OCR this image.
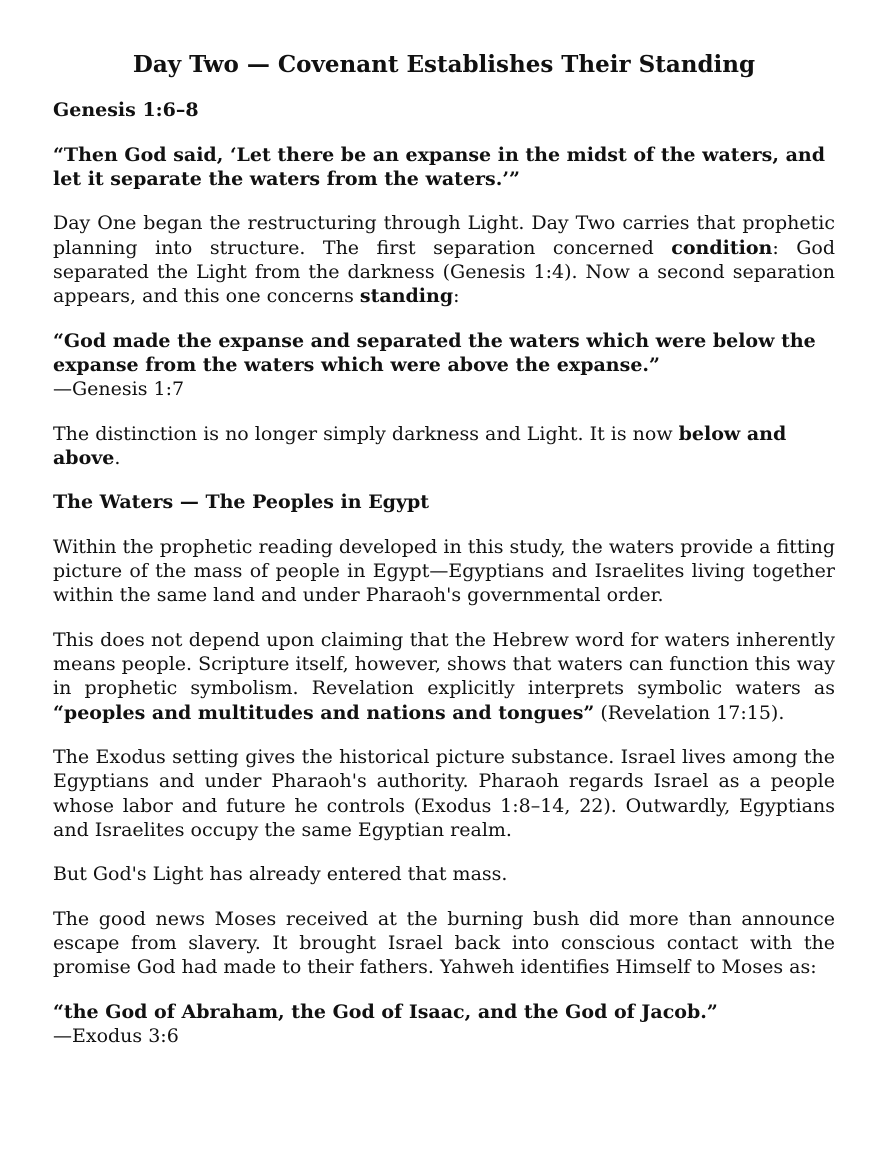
Day Two — Covenant Establishes Their Standing

Genesis 1:6–8

“Then God said, ‘Let there be an expanse in the midst of the waters, and let it separate the waters from the waters.’”

Day One began the restructuring through Light. Day Two carries that prophetic planning into structure. The first separation concerned condition: God separated the Light from the darkness (Genesis 1:4). Now a second separation appears, and this one concerns standing:

“God made the expanse and separated the waters which were below the expanse from the waters which were above the expanse.”
—Genesis 1:7

The distinction is no longer simply darkness and Light. It is now below and above.

The Waters — The Peoples in Egypt

Within the prophetic reading developed in this study, the waters provide a fitting picture of the mass of people in Egypt—Egyptians and Israelites living together within the same land and under Pharaoh's governmental order.

This does not depend upon claiming that the Hebrew word for waters inherently means people. Scripture itself, however, shows that waters can function this way in prophetic symbolism. Revelation explicitly interprets symbolic waters as “peoples and multitudes and nations and tongues” (Revelation 17:15).

The Exodus setting gives the historical picture substance. Israel lives among the Egyptians and under Pharaoh's authority. Pharaoh regards Israel as a people whose labor and future he controls (Exodus 1:8–14, 22). Outwardly, Egyptians and Israelites occupy the same Egyptian realm.

But God's Light has already entered that mass.

The good news Moses received at the burning bush did more than announce escape from slavery. It brought Israel back into conscious contact with the promise God had made to their fathers. Yahweh identifies Himself to Moses as:

“the God of Abraham, the God of Isaac, and the God of Jacob.”
—Exodus 3:6
